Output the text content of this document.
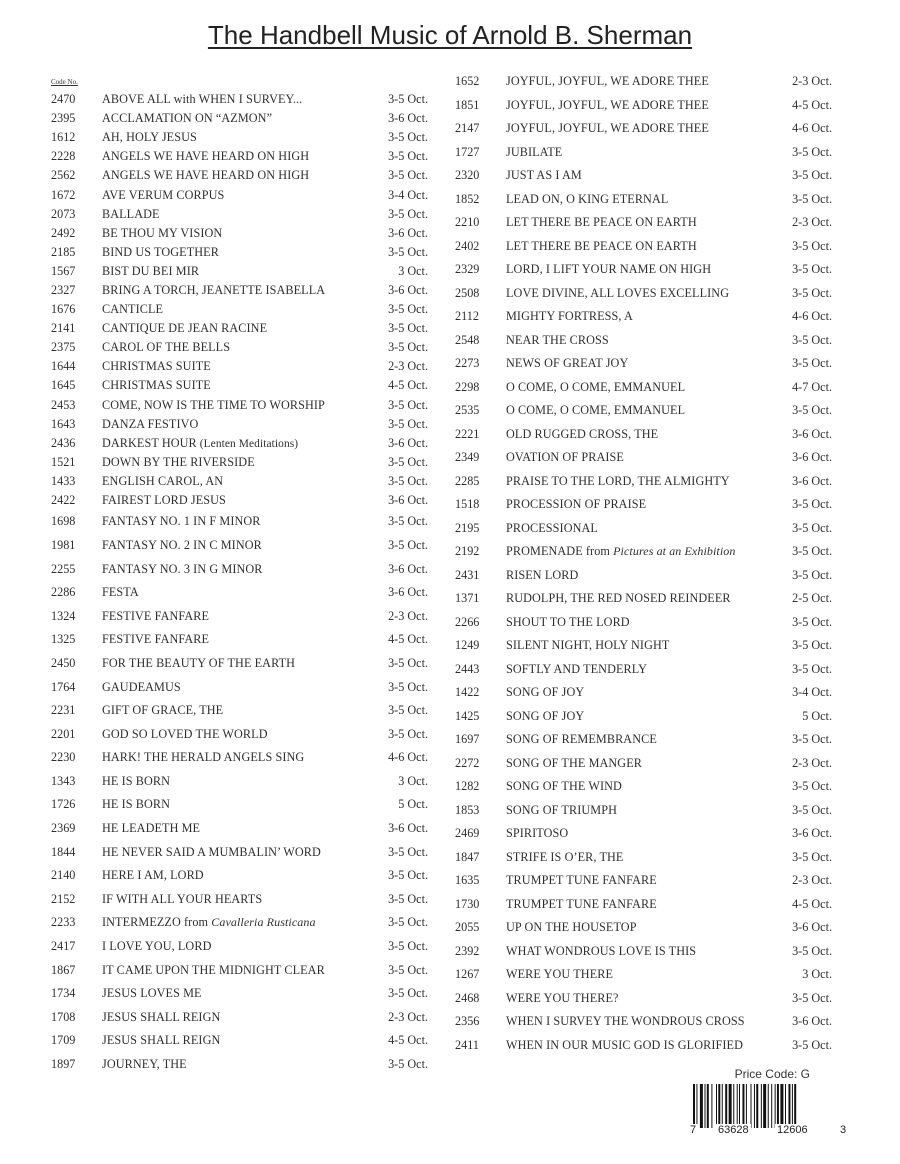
The Handbell Music of Arnold B. Sherman
Code No.
2470	ABOVE ALL with WHEN I SURVEY...	3-5 Oct.
2395	ACCLAMATION ON “AZMON”	3-6 Oct.
1612	AH, HOLY JESUS	3-5 Oct.
2228	ANGELS WE HAVE HEARD ON HIGH	3-5 Oct.
2562	ANGELS WE HAVE HEARD ON HIGH	3-5 Oct.
1672	AVE VERUM CORPUS	3-4 Oct.
2073	BALLADE	3-5 Oct.
2492	BE THOU MY VISION	3-6 Oct.
2185	BIND US TOGETHER	3-5 Oct.
1567	BIST DU BEI MIR	3 Oct.
2327	BRING A TORCH, JEANETTE ISABELLA	3-6 Oct.
1676	CANTICLE	3-5 Oct.
2141	CANTIQUE DE JEAN RACINE	3-5 Oct.
2375	CAROL OF THE BELLS	3-5 Oct.
1644	CHRISTMAS SUITE	2-3 Oct.
1645	CHRISTMAS SUITE	4-5 Oct.
2453	COME, NOW IS THE TIME TO WORSHIP	3-5 Oct.
1643	DANZA FESTIVO	3-5 Oct.
2436	DARKEST HOUR (Lenten Meditations)	3-6 Oct.
1521	DOWN BY THE RIVERSIDE	3-5 Oct.
1433	ENGLISH CAROL, AN	3-5 Oct.
2422	FAIREST LORD JESUS	3-6 Oct.
1698	FANTASY NO. 1 IN F MINOR	3-5 Oct.
1981	FANTASY NO. 2 IN C MINOR	3-5 Oct.
2255	FANTASY NO. 3 IN G MINOR	3-6 Oct.
2286	FESTA	3-6 Oct.
1324	FESTIVE FANFARE	2-3 Oct.
1325	FESTIVE FANFARE	4-5 Oct.
2450	FOR THE BEAUTY OF THE EARTH	3-5 Oct.
1764	GAUDEAMUS	3-5 Oct.
2231	GIFT OF GRACE, THE	3-5 Oct.
2201	GOD SO LOVED THE WORLD	3-5 Oct.
2230	HARK! THE HERALD ANGELS SING	4-6 Oct.
1343	HE IS BORN	3 Oct.
1726	HE IS BORN	5 Oct.
2369	HE LEADETH ME	3-6 Oct.
1844	HE NEVER SAID A MUMBALIN’ WORD	3-5 Oct.
2140	HERE I AM, LORD	3-5 Oct.
2152	IF WITH ALL YOUR HEARTS	3-5 Oct.
2233	INTERMEZZO from Cavalleria Rusticana	3-5 Oct.
2417	I LOVE YOU, LORD	3-5 Oct.
1867	IT CAME UPON THE MIDNIGHT CLEAR	3-5 Oct.
1734	JESUS LOVES ME	3-5 Oct.
1708	JESUS SHALL REIGN	2-3 Oct.
1709	JESUS SHALL REIGN	4-5 Oct.
1897	JOURNEY, THE	3-5 Oct.
1652	JOYFUL, JOYFUL, WE ADORE THEE	2-3 Oct.
1851	JOYFUL, JOYFUL, WE ADORE THEE	4-5 Oct.
2147	JOYFUL, JOYFUL, WE ADORE THEE	4-6 Oct.
1727	JUBILATE	3-5 Oct.
2320	JUST AS I AM	3-5 Oct.
1852	LEAD ON, O KING ETERNAL	3-5 Oct.
2210	LET THERE BE PEACE ON EARTH	2-3 Oct.
2402	LET THERE BE PEACE ON EARTH	3-5 Oct.
2329	LORD, I LIFT YOUR NAME ON HIGH	3-5 Oct.
2508	LOVE DIVINE, ALL LOVES EXCELLING	3-5 Oct.
2112	MIGHTY FORTRESS, A	4-6 Oct.
2548	NEAR THE CROSS	3-5 Oct.
2273	NEWS OF GREAT JOY	3-5 Oct.
2298	O COME, O COME, EMMANUEL	4-7 Oct.
2535	O COME, O COME, EMMANUEL	3-5 Oct.
2221	OLD RUGGED CROSS, THE	3-6 Oct.
2349	OVATION OF PRAISE	3-6 Oct.
2285	PRAISE TO THE LORD, THE ALMIGHTY	3-6 Oct.
1518	PROCESSION OF PRAISE	3-5 Oct.
2195	PROCESSIONAL	3-5 Oct.
2192	PROMENADE from Pictures at an Exhibition	3-5 Oct.
2431	RISEN LORD	3-5 Oct.
1371	RUDOLPH, THE RED NOSED REINDEER	2-5 Oct.
2266	SHOUT TO THE LORD	3-5 Oct.
1249	SILENT NIGHT, HOLY NIGHT	3-5 Oct.
2443	SOFTLY AND TENDERLY	3-5 Oct.
1422	SONG OF JOY	3-4 Oct.
1425	SONG OF JOY	5 Oct.
1697	SONG OF REMEMBRANCE	3-5 Oct.
2272	SONG OF THE MANGER	2-3 Oct.
1282	SONG OF THE WIND	3-5 Oct.
1853	SONG OF TRIUMPH	3-5 Oct.
2469	SPIRITOSO	3-6 Oct.
1847	STRIFE IS O’ER, THE	3-5 Oct.
1635	TRUMPET TUNE FANFARE	2-3 Oct.
1730	TRUMPET TUNE FANFARE	4-5 Oct.
2055	UP ON THE HOUSETOP	3-6 Oct.
2392	WHAT WONDROUS LOVE IS THIS	3-5 Oct.
1267	WERE YOU THERE	3 Oct.
2468	WERE YOU THERE?	3-5 Oct.
2356	WHEN I SURVEY THE WONDROUS CROSS	3-6 Oct.
2411	WHEN IN OUR MUSIC GOD IS GLORIFIED	3-5 Oct.
Price Code: G
7 63628	12606	3
